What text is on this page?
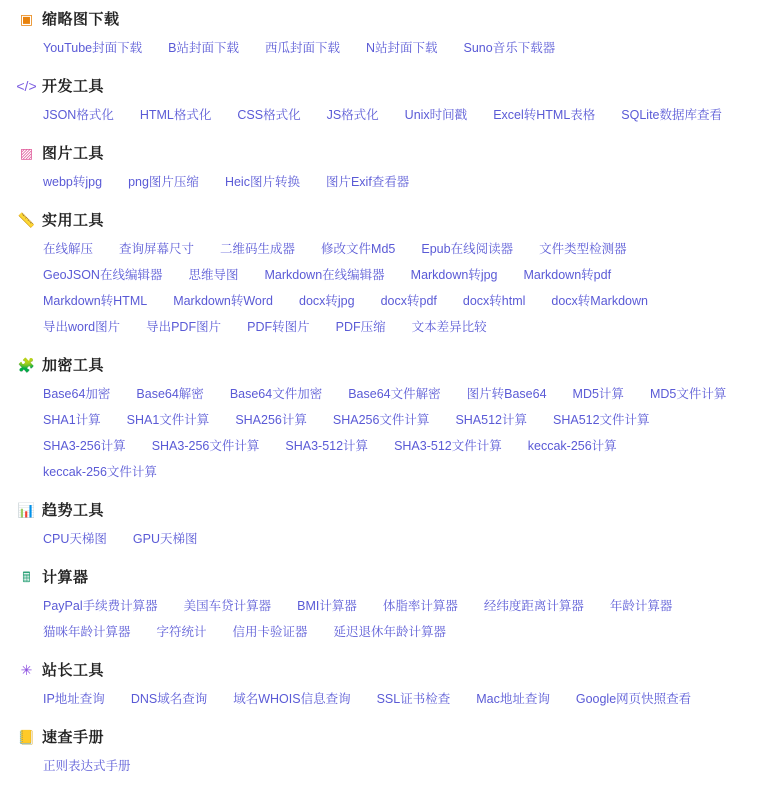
▣ 缩略图下载
YouTube封面下载	B站封面下载	西瓜封面下载	N站封面下载	Suno音乐下载器
</> 开发工具
JSON格式化	HTML格式化	CSS格式化	JS格式化	Unix时间戳	Excel转HTML表格	SQLite数据库查看
▨ 图片工具
webp转jpg	png图片压缩	Heic图片转换	图片Exif查看器
📏 实用工具
在线解压	查询屏幕尺寸	二维码生成器	修改文件Md5	Epub在线阅读器	文件类型检测器
GeoJSON在线编辑器	思维导图	Markdown在线编辑器	Markdown转jpg	Markdown转pdf
Markdown转HTML	Markdown转Word	docx转jpg	docx转pdf	docx转html	docx转Markdown
导出word图片	导出PDF图片	PDF转图片	PDF压缩	文本差异比较
🧩 加密工具
Base64加密	Base64解密	Base64文件加密	Base64文件解密	图片转Base64	MD5计算	MD5文件计算
SHA1计算	SHA1文件计算	SHA256计算	SHA256文件计算	SHA512计算	SHA512文件计算
SHA3-256计算	SHA3-256文件计算	SHA3-512计算	SHA3-512文件计算	keccak-256计算
keccak-256文件计算
📊 趋势工具
CPU天梯图	GPU天梯图
🖩 计算器
PayPal手续费计算器	美国车贷计算器	BMI计算器	体脂率计算器	经纬度距离计算器	年龄计算器
猫咪年龄计算器	字符统计	信用卡验证器	延迟退休年龄计算器
✳ 站长工具
IP地址查询	DNS域名查询	域名WHOIS信息查询	SSL证书检查	Mac地址查询	Google网页快照查看
📒 速查手册
正则表达式手册
